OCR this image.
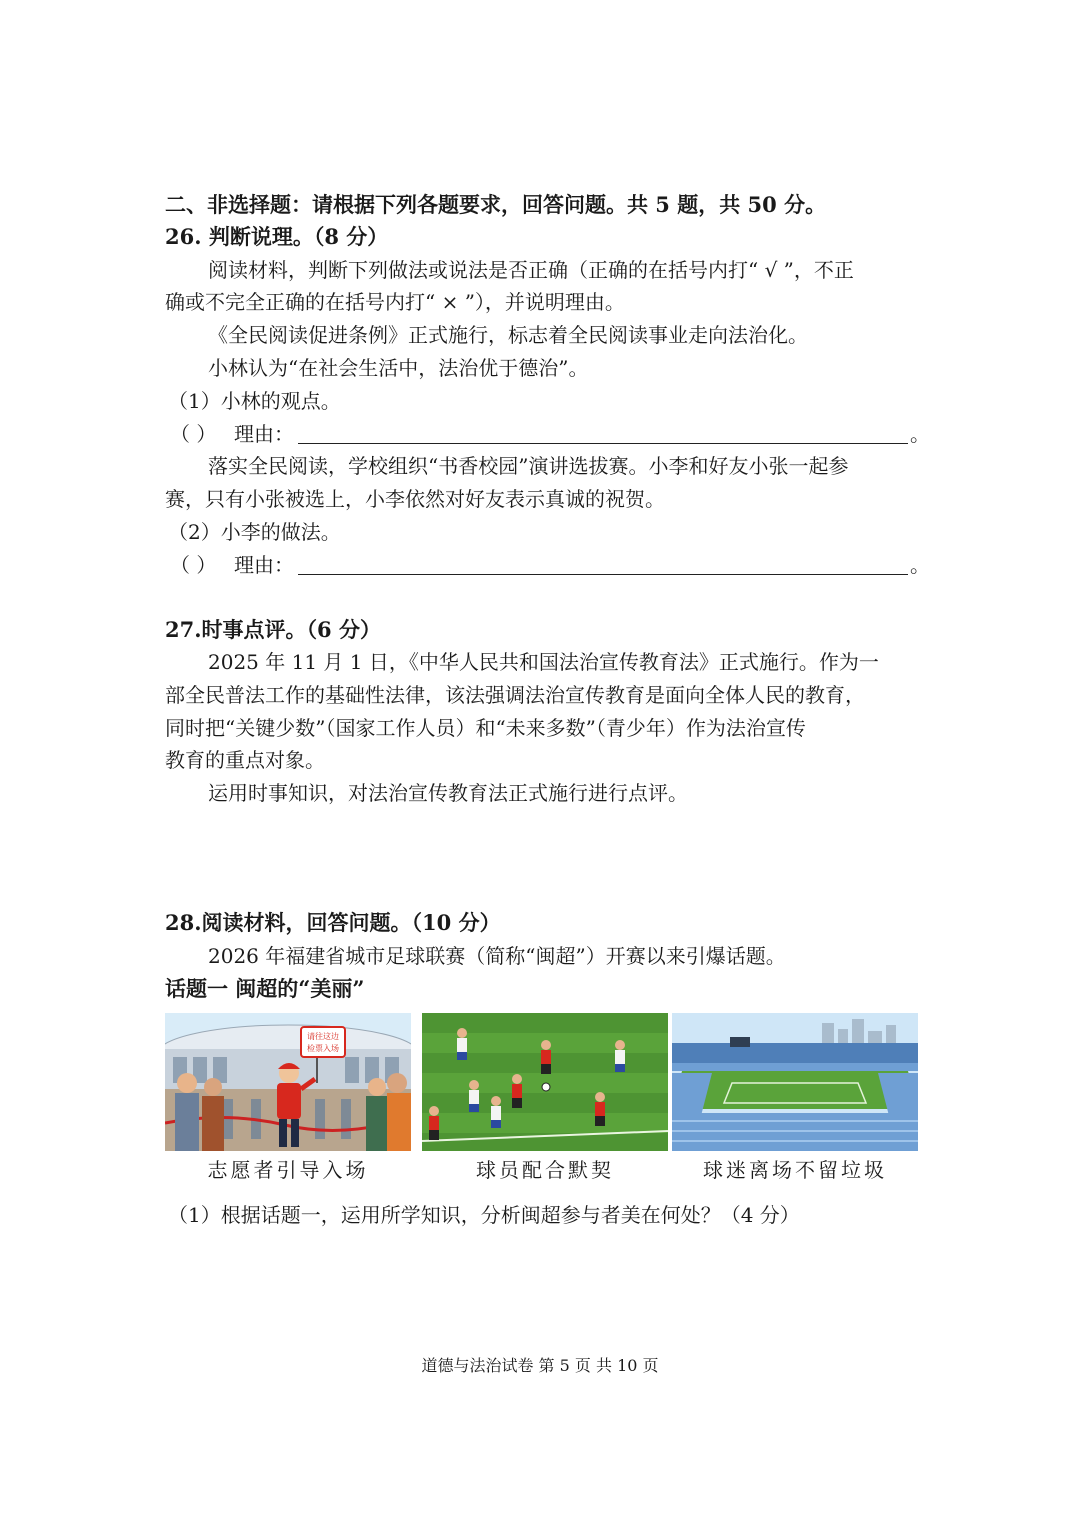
二、非选择题：请根据下列各题要求，回答问题。共 5 题，共 50 分。
26. 判断说理。（8 分）
阅读材料，判断下列做法或说法是否正确（正确的在括号内打“ √ ”，不正
确或不完全正确的在括号内打“ × ”），并说明理由。
《全民阅读促进条例》正式施行，标志着全民阅读事业走向法治化。
小林认为“在社会生活中，法治优于德治”。
（1）小林的观点。
（ ） 理由：	。
落实全民阅读，学校组织“书香校园”演讲选拔赛。小李和好友小张一起参
赛，只有小张被选上，小李依然对好友表示真诚的祝贺。
（2）小李的做法。
（ ） 理由：	。
27.时事点评。（6 分）
2025 年 11 月 1 日，《中华人民共和国法治宣传教育法》正式施行。作为一
部全民普法工作的基础性法律，该法强调法治宣传教育是面向全体人民的教育，
同时把“关键少数”（国家工作人员）和“未来多数”（青少年）作为法治宣传
教育的重点对象。
运用时事知识，对法治宣传教育法正式施行进行点评。
28.阅读材料，回答问题。（10 分）
2026 年福建省城市足球联赛（简称“闽超”）开赛以来引爆话题。
话题一 闽超的“美丽”
请往这边
检票入场
志愿者引导入场	球员配合默契	球迷离场不留垃圾
（1）根据话题一，运用所学知识，分析闽超参与者美在何处？（4 分）
道德与法治试卷 第 5 页 共 10 页
